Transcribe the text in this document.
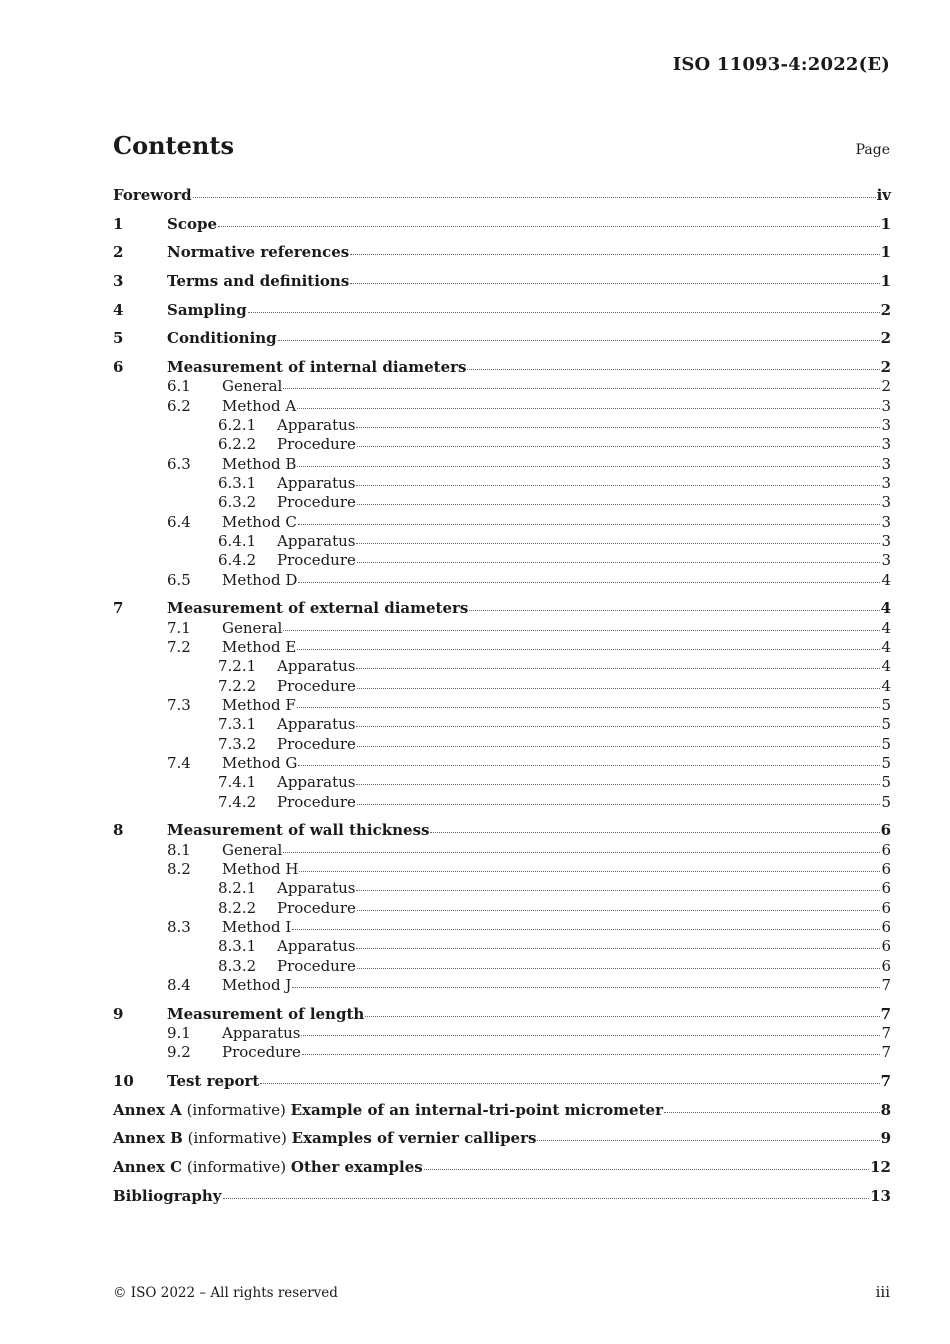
ISO 11093-4:2022(E)
Contents	Page
Foreword	iv
1	Scope	1
2	Normative references	1
3	Terms and definitions	1
4	Sampling	2
5	Conditioning	2
6	Measurement of internal diameters	2
6.1	General	2
6.2	Method A	3
6.2.1	Apparatus	3
6.2.2	Procedure	3
6.3	Method B	3
6.3.1	Apparatus	3
6.3.2	Procedure	3
6.4	Method C	3
6.4.1	Apparatus	3
6.4.2	Procedure	3
6.5	Method D	4
7	Measurement of external diameters	4
7.1	General	4
7.2	Method E	4
7.2.1	Apparatus	4
7.2.2	Procedure	4
7.3	Method F	5
7.3.1	Apparatus	5
7.3.2	Procedure	5
7.4	Method G	5
7.4.1	Apparatus	5
7.4.2	Procedure	5
8	Measurement of wall thickness	6
8.1	General	6
8.2	Method H	6
8.2.1	Apparatus	6
8.2.2	Procedure	6
8.3	Method I	6
8.3.1	Apparatus	6
8.3.2	Procedure	6
8.4	Method J	7
9	Measurement of length	7
9.1	Apparatus	7
9.2	Procedure	7
10	Test report	7
Annex A (informative) Example of an internal-tri-point micrometer	8
Annex B (informative) Examples of vernier callipers	9
Annex C (informative) Other examples	12
Bibliography	13
© ISO 2022 – All rights reserved	iii
